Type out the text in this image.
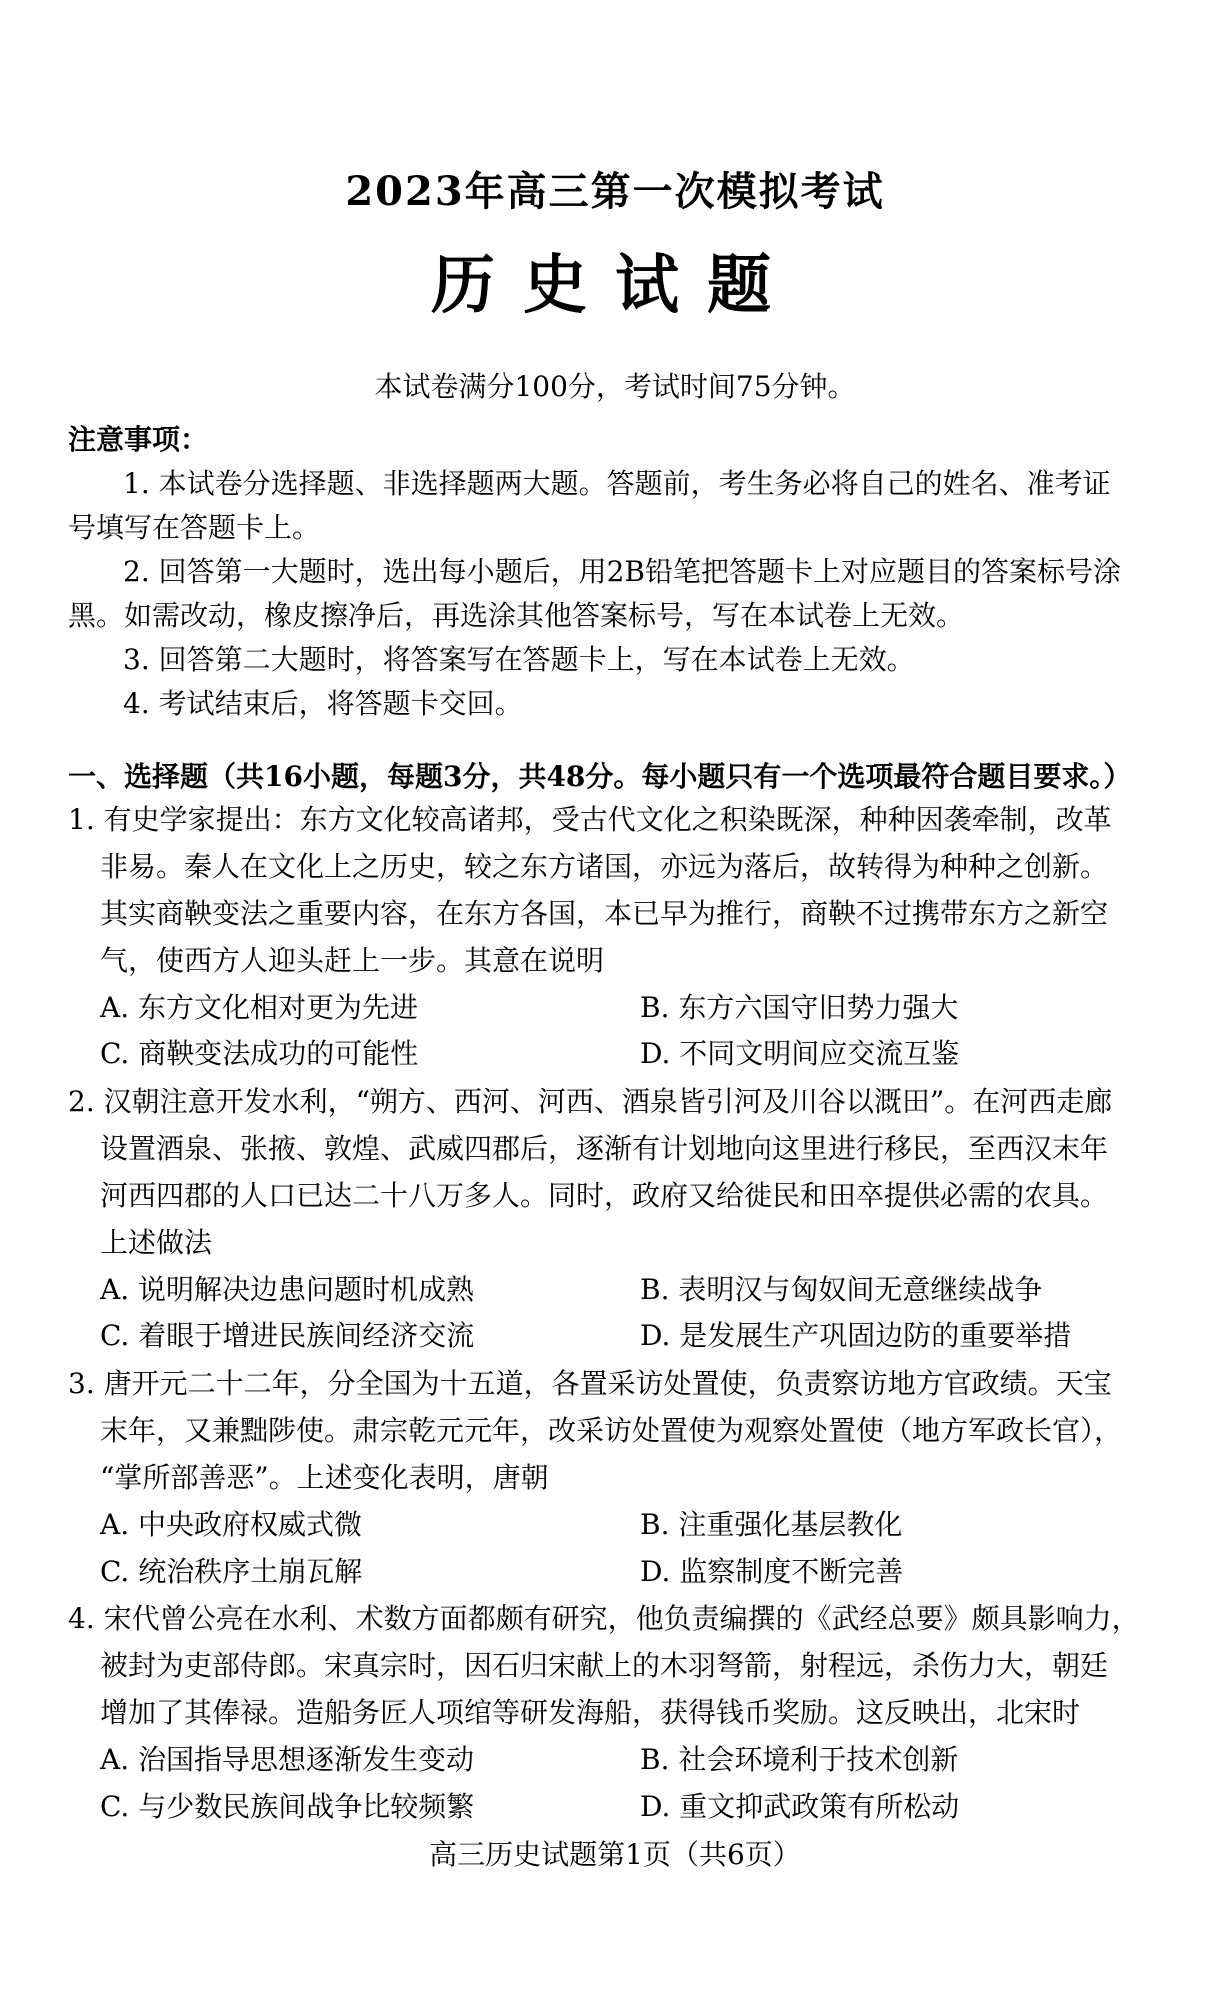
2023年高三第一次模拟考试
历史试题
本试卷满分100分，考试时间75分钟。
注意事项：
1. 本试卷分选择题、非选择题两大题。答题前，考生务必将自己的姓名、准考证
号填写在答题卡上。
2. 回答第一大题时，选出每小题后，用2B铅笔把答题卡上对应题目的答案标号涂
黑。如需改动，橡皮擦净后，再选涂其他答案标号，写在本试卷上无效。
3. 回答第二大题时，将答案写在答题卡上，写在本试卷上无效。
4. 考试结束后，将答题卡交回。
一、选择题（共16小题，每题3分，共48分。每小题只有一个选项最符合题目要求。）
1. 有史学家提出：东方文化较高诸邦，受古代文化之积染既深，种种因袭牵制，改革
非易。秦人在文化上之历史，较之东方诸国，亦远为落后，故转得为种种之创新。
其实商鞅变法之重要内容，在东方各国，本已早为推行，商鞅不过携带东方之新空
气，使西方人迎头赶上一步。其意在说明
A. 东方文化相对更为先进	B. 东方六国守旧势力强大
C. 商鞅变法成功的可能性	D. 不同文明间应交流互鉴
2. 汉朝注意开发水利，“朔方、西河、河西、酒泉皆引河及川谷以溉田”。在河西走廊
设置酒泉、张掖、敦煌、武威四郡后，逐渐有计划地向这里进行移民，至西汉末年
河西四郡的人口已达二十八万多人。同时，政府又给徙民和田卒提供必需的农具。
上述做法
A. 说明解决边患问题时机成熟	B. 表明汉与匈奴间无意继续战争
C. 着眼于增进民族间经济交流	D. 是发展生产巩固边防的重要举措
3. 唐开元二十二年，分全国为十五道，各置采访处置使，负责察访地方官政绩。天宝
末年，又兼黜陟使。肃宗乾元元年，改采访处置使为观察处置使（地方军政长官），
“掌所部善恶”。上述变化表明，唐朝
A. 中央政府权威式微	B. 注重强化基层教化
C. 统治秩序土崩瓦解	D. 监察制度不断完善
4. 宋代曾公亮在水利、术数方面都颇有研究，他负责编撰的《武经总要》颇具影响力，
被封为吏部侍郎。宋真宗时，因石归宋献上的木羽弩箭，射程远，杀伤力大，朝廷
增加了其俸禄。造船务匠人项绾等研发海船，获得钱币奖励。这反映出，北宋时
A. 治国指导思想逐渐发生变动	B. 社会环境利于技术创新
C. 与少数民族间战争比较频繁	D. 重文抑武政策有所松动
高三历史试题第1页（共6页）
